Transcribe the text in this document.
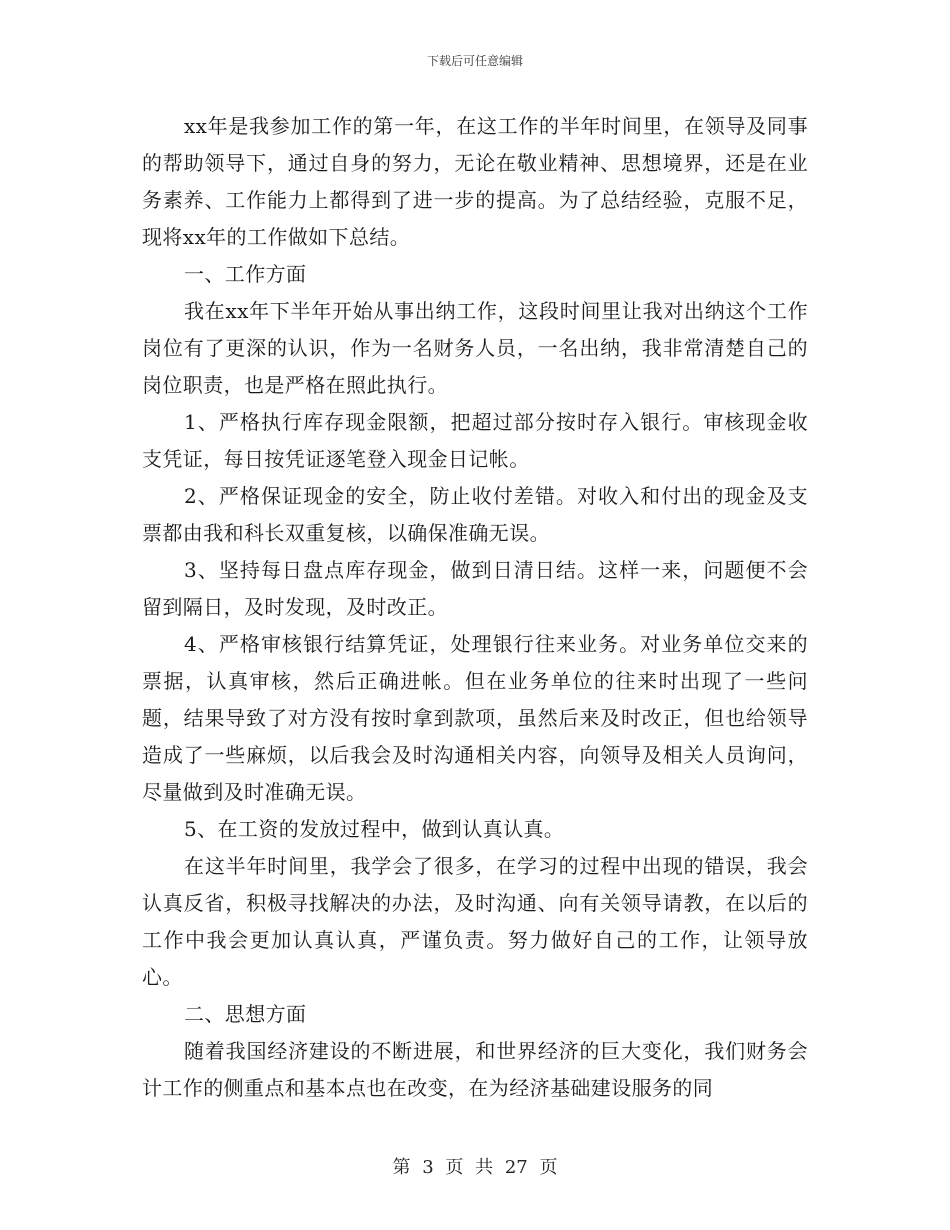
下载后可任意编辑

xx年是我参加工作的第一年，在这工作的半年时间里，在领导及同事的帮助领导下，通过自身的努力，无论在敬业精神、思想境界，还是在业务素养、工作能力上都得到了进一步的提高。为了总结经验，克服不足，现将xx年的工作做如下总结。

一、工作方面

我在xx年下半年开始从事出纳工作，这段时间里让我对出纳这个工作岗位有了更深的认识，作为一名财务人员，一名出纳，我非常清楚自己的岗位职责，也是严格在照此执行。

1、严格执行库存现金限额，把超过部分按时存入银行。审核现金收支凭证，每日按凭证逐笔登入现金日记帐。

2、严格保证现金的安全，防止收付差错。对收入和付出的现金及支票都由我和科长双重复核，以确保准确无误。

3、坚持每日盘点库存现金，做到日清日结。这样一来，问题便不会留到隔日，及时发现，及时改正。

4、严格审核银行结算凭证，处理银行往来业务。对业务单位交来的票据，认真审核，然后正确进帐。但在业务单位的往来时出现了一些问题，结果导致了对方没有按时拿到款项，虽然后来及时改正，但也给领导造成了一些麻烦，以后我会及时沟通相关内容，向领导及相关人员询问，尽量做到及时准确无误。

5、在工资的发放过程中，做到认真认真。

在这半年时间里，我学会了很多，在学习的过程中出现的错误，我会认真反省，积极寻找解决的办法，及时沟通、向有关领导请教，在以后的工作中我会更加认真认真，严谨负责。努力做好自己的工作，让领导放心。

二、思想方面

随着我国经济建设的不断进展，和世界经济的巨大变化，我们财务会计工作的侧重点和基本点也在改变，在为经济基础建设服务的同

第 3 页 共 27 页
